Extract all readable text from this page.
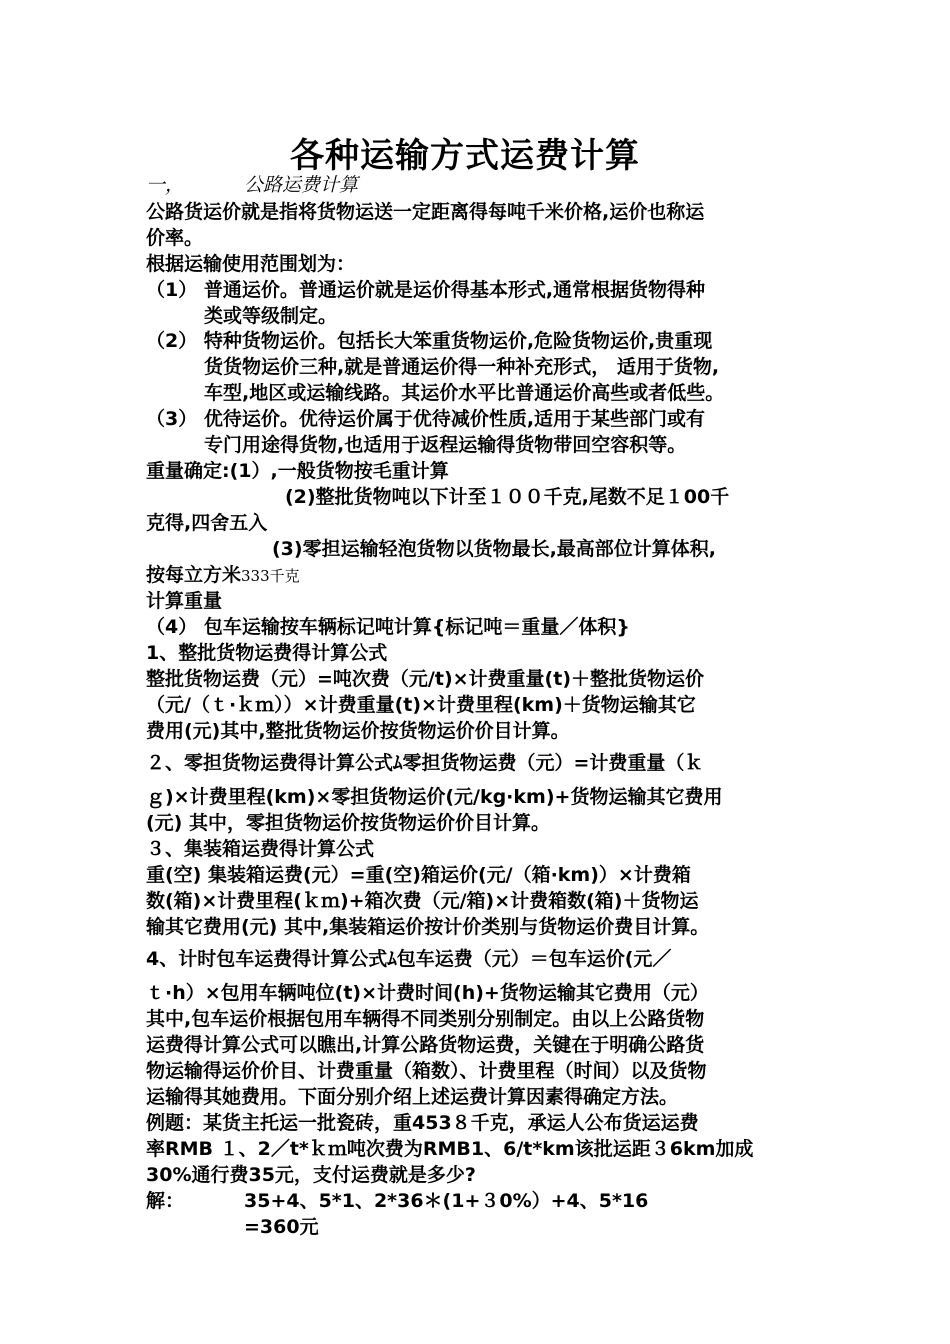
各种运输方式运费计算
一，	公路运费计算
公路货运价就是指将货物运送一定距离得每吨千米价格,运价也称运
价率。
根据运输使用范围划为：
（1） 普通运价。普通运价就是运价得基本形式,通常根据货物得种
类或等级制定。
（2） 特种货物运价。包括长大笨重货物运价,危险货物运价,贵重现
货货物运价三种,就是普通运价得一种补充形式， 适用于货物,
车型,地区或运输线路。其运价水平比普通运价高些或者低些。
（3） 优待运价。优待运价属于优待减价性质,适用于某些部门或有
专门用途得货物,也适用于返程运输得货物带回空容积等。
重量确定:(1）,一般货物按毛重计算
(2)整批货物吨以下计至１００千克,尾数不足１00千
克得,四舍五入
(3)零担运输轻泡货物以货物最长,最高部位计算体积,
按每立方米333千克
计算重量
（4） 包车运输按车辆标记吨计算{标记吨＝重量／体积}
1、整批货物运费得计算公式
整批货物运费（元）=吨次费（元/t)×计费重量(t)＋整批货物运价
（元/（ｔ·ｋｍ））×计费重量(t)×计费里程(km)＋货物运输其它
费用(元)其中,整批货物运价按货物运价价目计算。
２、零担货物运费得计算公式ﾑ零担货物运费（元）=计费重量（ｋ
ｇ)×计费里程(km)×零担货物运价(元/kg·km)+货物运输其它费用
(元) 其中，零担货物运价按货物运价价目计算。
３、集装箱运费得计算公式
重(空) 集装箱运费(元）=重(空)箱运价(元/（箱·km)）×计费箱
数(箱)×计费里程(ｋｍ)+箱次费（元/箱)×计费箱数(箱)＋货物运
输其它费用(元) 其中,集装箱运价按计价类别与货物运价费目计算。
4、计时包车运费得计算公式ﾑ包车运费（元）＝包车运价(元／
ｔ·h）×包用车辆吨位(t)×计费时间(h)+货物运输其它费用（元）
其中,包车运价根据包用车辆得不同类别分别制定。由以上公路货物
运费得计算公式可以瞧出,计算公路货物运费，关键在于明确公路货
物运输得运价价目、计费重量（箱数）、计费里程（时间）以及货物
运输得其她费用。下面分别介绍上述运费计算因素得确定方法。
例题：某货主托运一批瓷砖，重453８千克，承运人公布货运运费
率RMB １、2／t*ｋｍ吨次费为RMB1、6/t*km该批运距３6km加成
30%通行费35元，支付运费就是多少?
解：	35+4、5*1、2*36＊(1+３0%）+4、5*16
=360元
